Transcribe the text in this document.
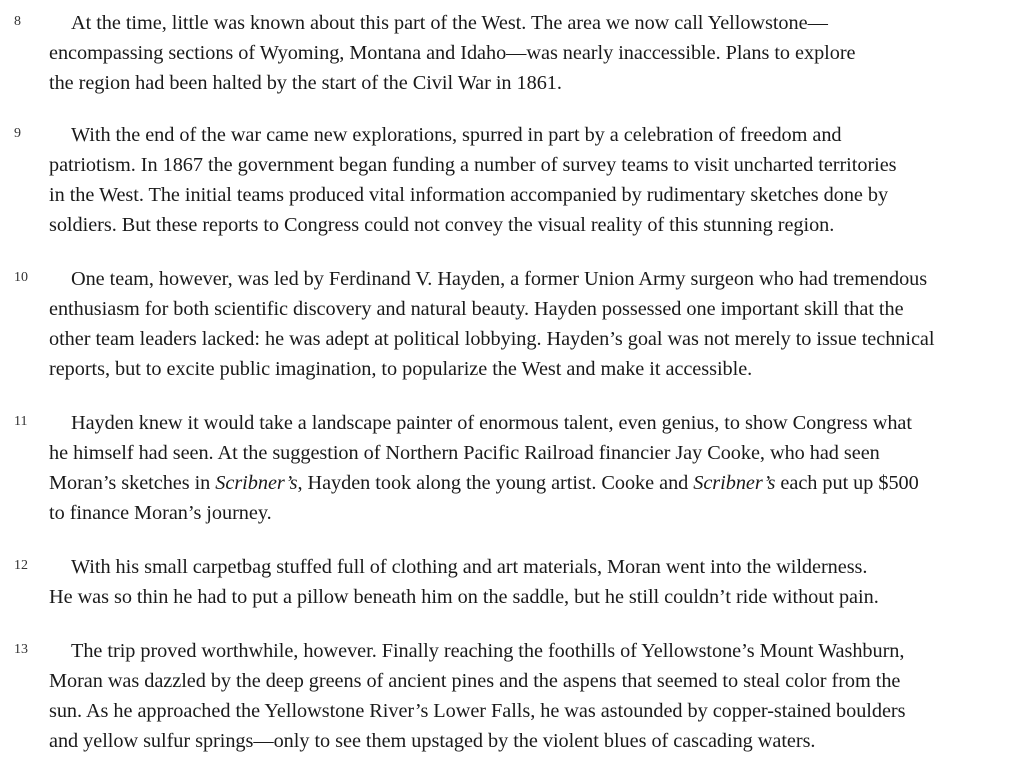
8 At the time, little was known about this part of the West. The area we now call Yellowstone—
encompassing sections of Wyoming, Montana and Idaho—was nearly inaccessible. Plans to explore
the region had been halted by the start of the Civil War in 1861.
9 With the end of the war came new explorations, spurred in part by a celebration of freedom and
patriotism. In 1867 the government began funding a number of survey teams to visit uncharted territories
in the West. The initial teams produced vital information accompanied by rudimentary sketches done by
soldiers. But these reports to Congress could not convey the visual reality of this stunning region.
10 One team, however, was led by Ferdinand V. Hayden, a former Union Army surgeon who had tremendous
enthusiasm for both scientific discovery and natural beauty. Hayden possessed one important skill that the
other team leaders lacked: he was adept at political lobbying. Hayden’s goal was not merely to issue technical
reports, but to excite public imagination, to popularize the West and make it accessible.
11 Hayden knew it would take a landscape painter of enormous talent, even genius, to show Congress what
he himself had seen. At the suggestion of Northern Pacific Railroad financier Jay Cooke, who had seen
Moran’s sketches in Scribner’s, Hayden took along the young artist. Cooke and Scribner’s each put up $500
to finance Moran’s journey.
12 With his small carpetbag stuffed full of clothing and art materials, Moran went into the wilderness.
He was so thin he had to put a pillow beneath him on the saddle, but he still couldn’t ride without pain.
13 The trip proved worthwhile, however. Finally reaching the foothills of Yellowstone’s Mount Washburn,
Moran was dazzled by the deep greens of ancient pines and the aspens that seemed to steal color from the
sun. As he approached the Yellowstone River’s Lower Falls, he was astounded by copper-stained boulders
and yellow sulfur springs—only to see them upstaged by the violent blues of cascading waters.
